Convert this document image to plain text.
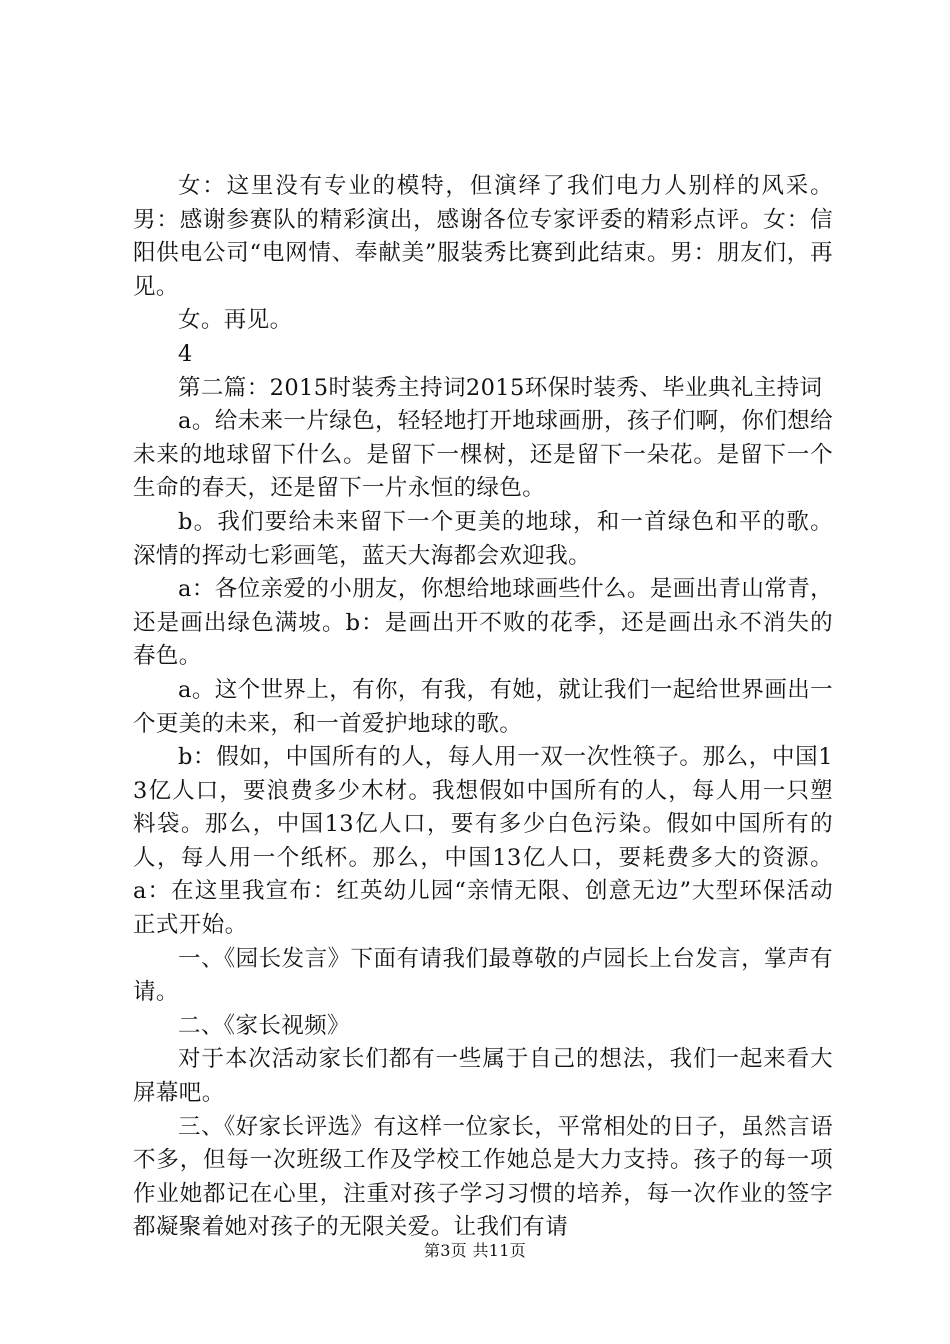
女：这里没有专业的模特，但演绎了我们电力人别样的风采。男：感谢参赛队的精彩演出，感谢各位专家评委的精彩点评。女：信阳供电公司“电网情、奉献美”服装秀比赛到此结束。男：朋友们，再见。

女。再见。

4

第二篇：2015时装秀主持词2015环保时装秀、毕业典礼主持词

a。给未来一片绿色，轻轻地打开地球画册，孩子们啊，你们想给未来的地球留下什么。是留下一棵树，还是留下一朵花。是留下一个生命的春天，还是留下一片永恒的绿色。

b。我们要给未来留下一个更美的地球，和一首绿色和平的歌。深情的挥动七彩画笔，蓝天大海都会欢迎我。

a：各位亲爱的小朋友，你想给地球画些什么。是画出青山常青，还是画出绿色满坡。b：是画出开不败的花季，还是画出永不消失的春色。

a。这个世界上，有你，有我，有她，就让我们一起给世界画出一个更美的未来，和一首爱护地球的歌。

b：假如，中国所有的人，每人用一双一次性筷子。那么，中国13亿人口，要浪费多少木材。我想假如中国所有的人，每人用一只塑料袋。那么，中国13亿人口，要有多少白色污染。假如中国所有的人，每人用一个纸杯。那么，中国13亿人口，要耗费多大的资源。a：在这里我宣布：红英幼儿园“亲情无限、创意无边”大型环保活动正式开始。

一、《园长发言》下面有请我们最尊敬的卢园长上台发言，掌声有请。

二、《家长视频》

对于本次活动家长们都有一些属于自己的想法，我们一起来看大屏幕吧。

三、《好家长评选》有这样一位家长，平常相处的日子，虽然言语不多，但每一次班级工作及学校工作她总是大力支持。孩子的每一项作业她都记在心里，注重对孩子学习习惯的培养，每一次作业的签字都凝聚着她对孩子的无限关爱。让我们有请

第3页 共11页
